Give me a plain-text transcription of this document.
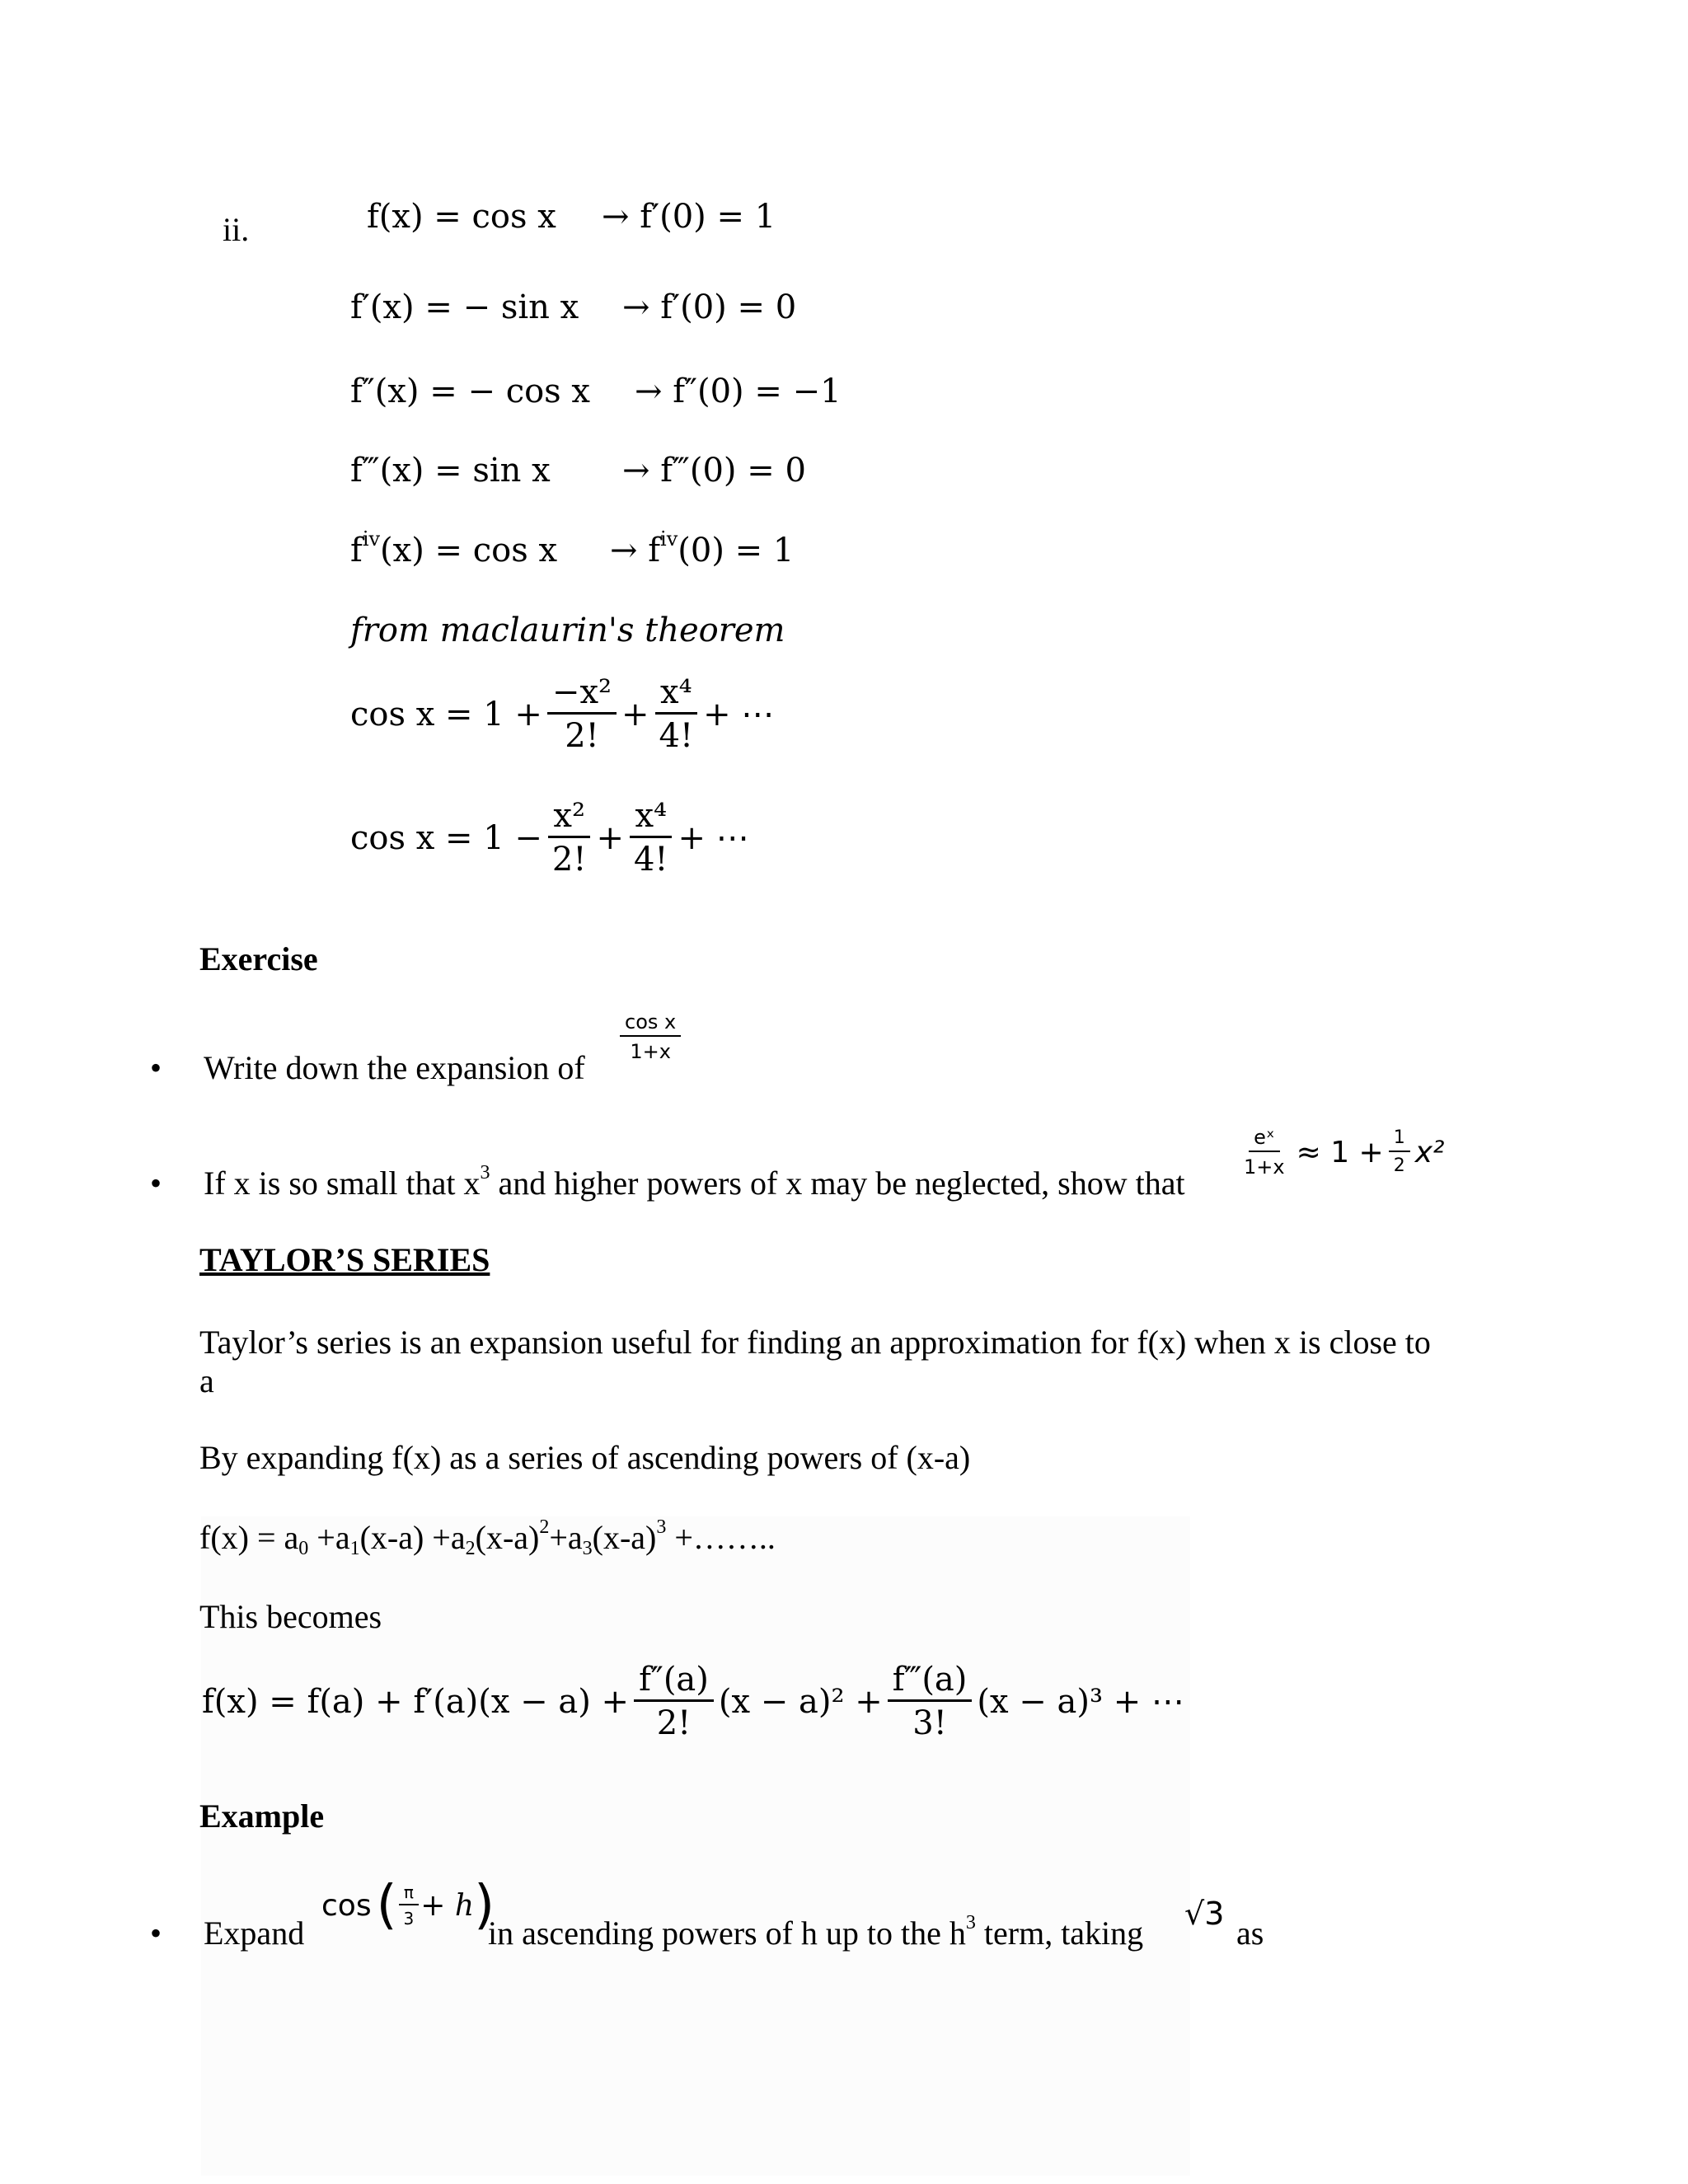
ii.	f(x) = cos x → f′(0) = 1
f′(x) = − sin x → f′(0) = 0
f″(x) = − cos x → f″(0) = −1
f‴(x) = sin x → f‴(0) = 0
$f^{iv}(x) = \cos x \to f^{iv}(0) = 1$
from maclaurin's theorem
$\cos x = 1 + \frac{\text{−x²}}{2!} + \frac{\text{x⁴}}{4!}$ + ⋯
$\cos x = 1 - \frac{\text{x²}}{2!} + \frac{\text{x⁴}}{4!}$ + ⋯
Exercise
• Write down the expansion of
$\frac{\text{cos x}}{1+x}$
• If x is so small that $x^3$ and higher powers of x may be neglected, show that
$\frac{\text{eˣ}}{1+x} \approx 1 + \frac{1}{2} x^2$
TAYLOR’S SERIES
Taylor’s series is an expansion useful for finding an approximation for f(x) when x is close to
a
By expanding f(x) as a series of ascending powers of (x-a)
$f(x) = a_0 +a_1(x-a) +a_2(x-a)^2+a_3(x-a)^3$ +……..
This becomes
$f(x) = f(a) + f'(a)(x - a) + \frac{f''(a)}{2!} (x - a)^2 + \frac{f‴(a)}{3!} (x - a)^3$ + ⋯
Example
• Expand
cos ( $\frac{\pi}{3} + h$ )
in ascending powers of h up to the $h^3$ term, taking
√3
as
